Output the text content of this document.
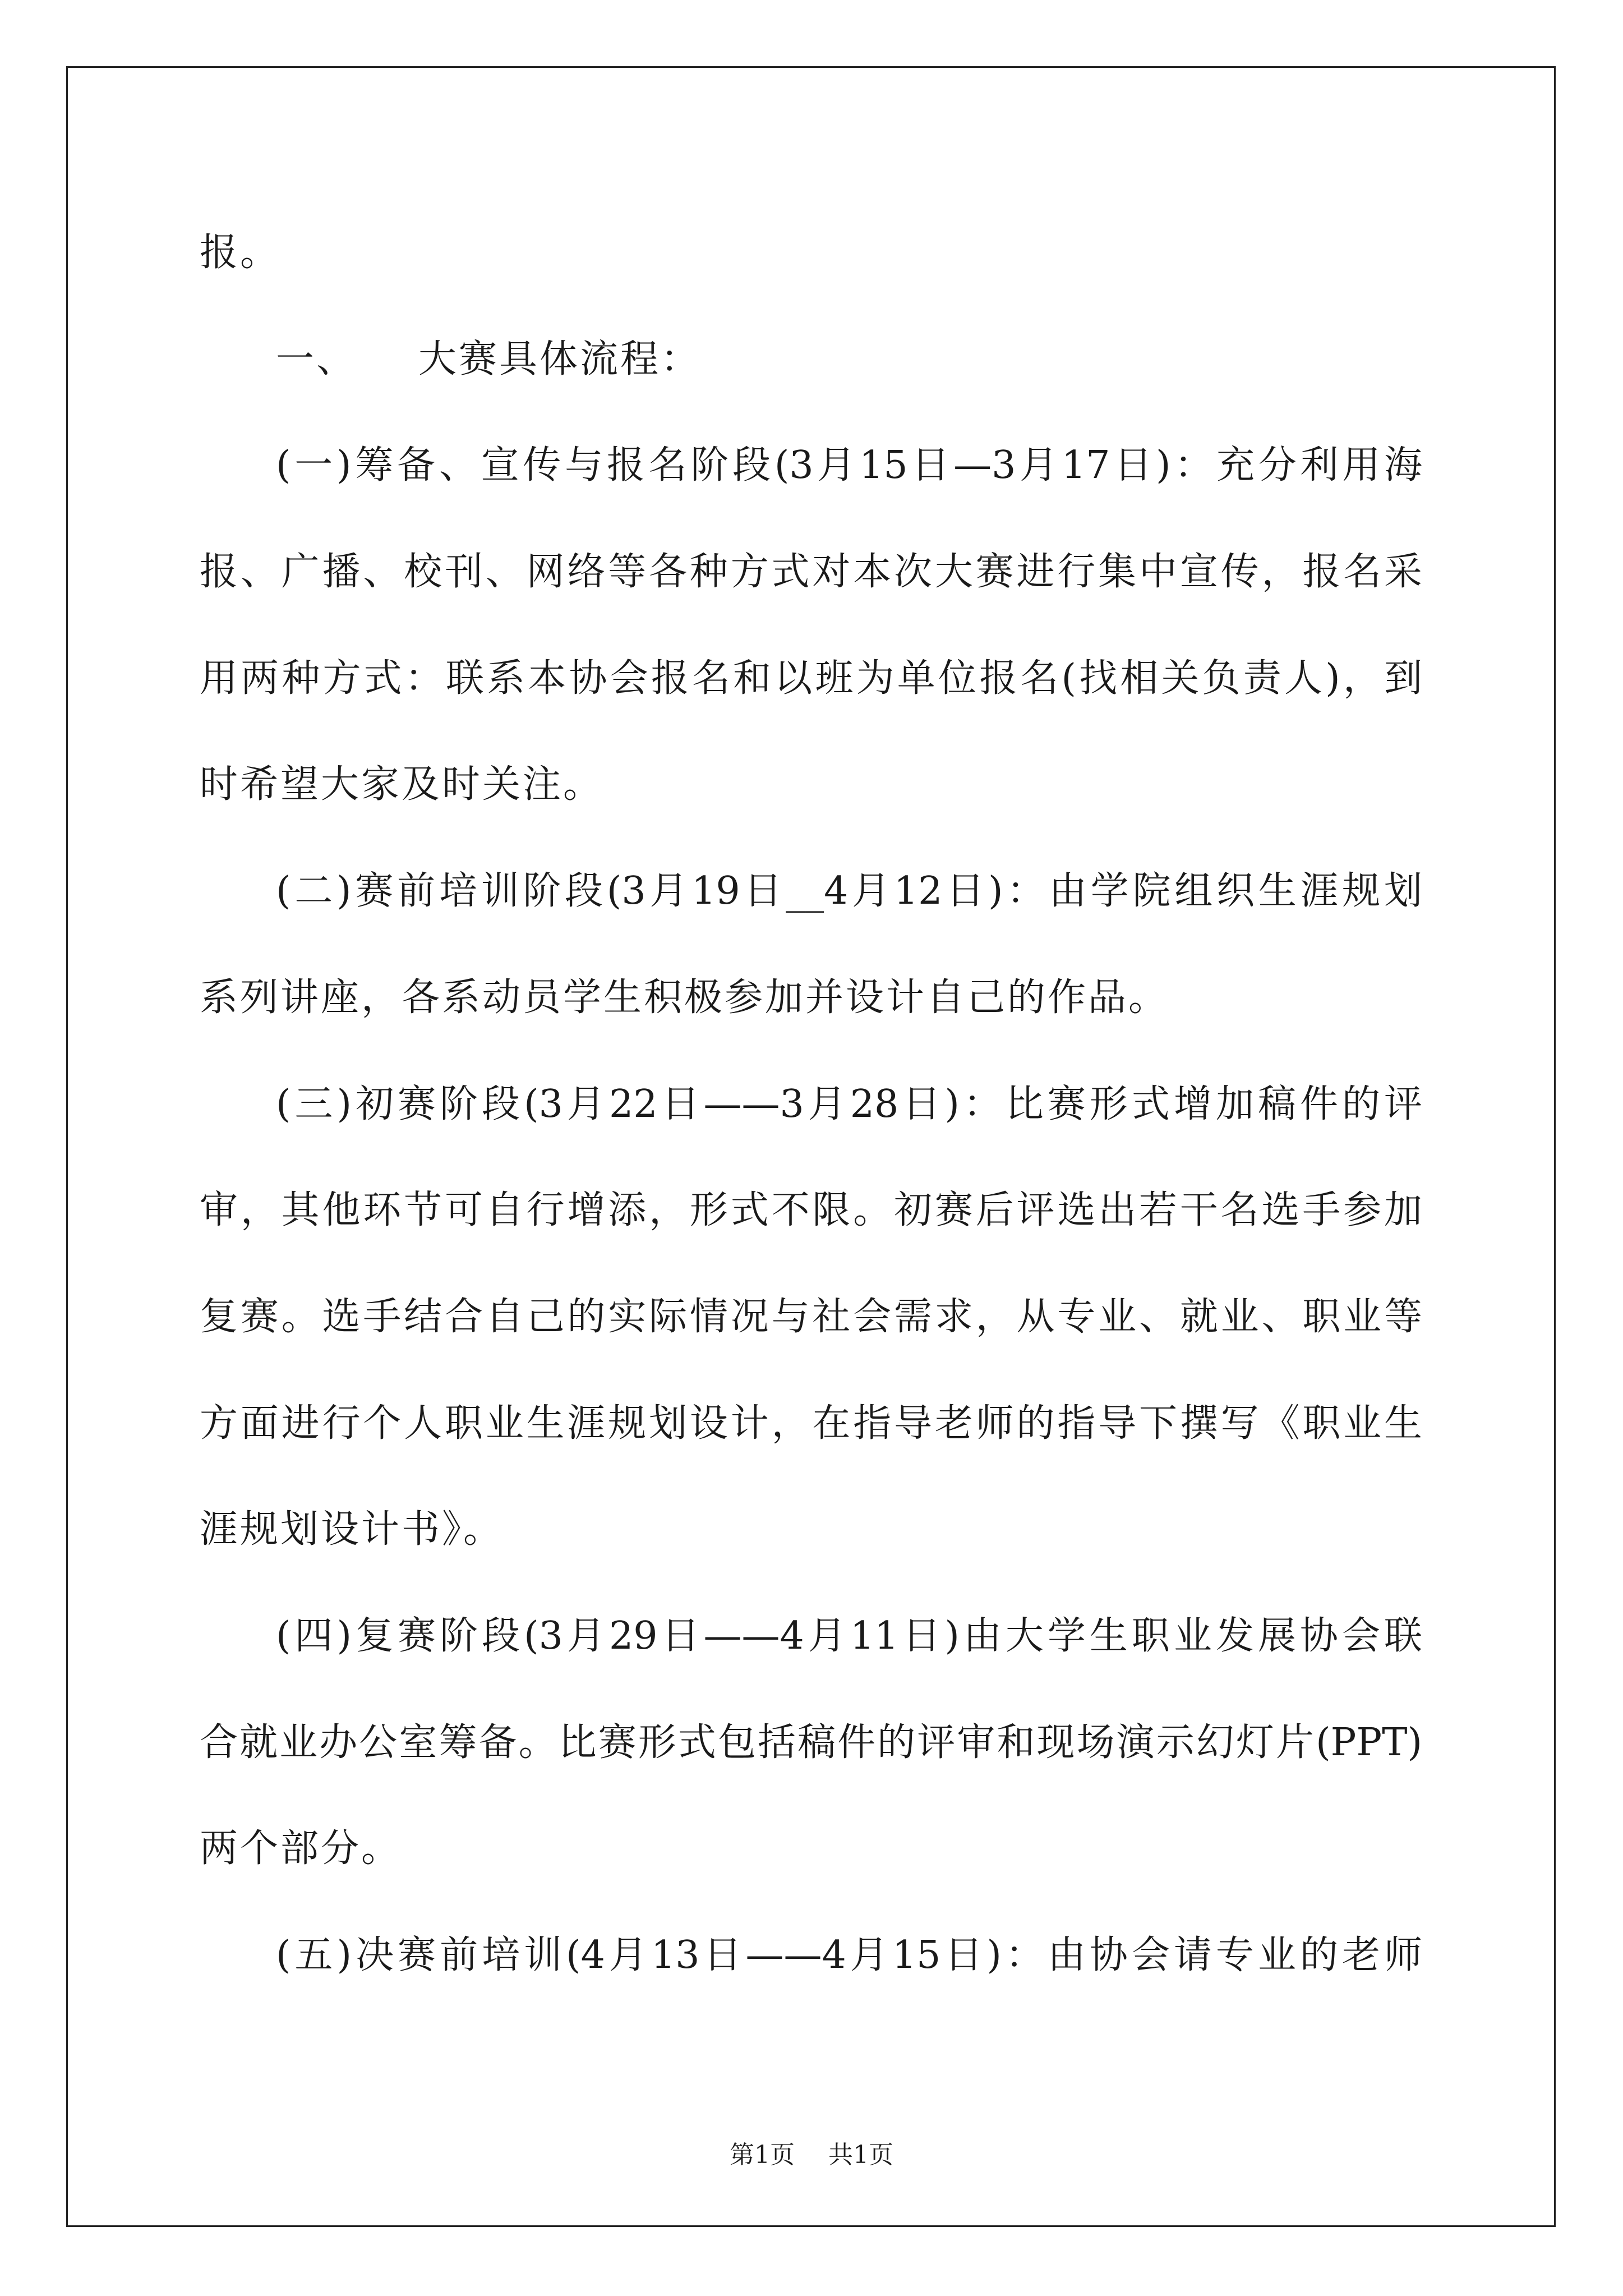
报。
一、 大赛具体流程：
(一)筹备、宣传与报名阶段(3月15日—3月17日)：充分利用海
报、广播、校刊、网络等各种方式对本次大赛进行集中宣传，报名采
用两种方式：联系本协会报名和以班为单位报名(找相关负责人)，到
时希望大家及时关注。
(二)赛前培训阶段(3月19日__4月12日)：由学院组织生涯规划
系列讲座，各系动员学生积极参加并设计自己的作品。
(三)初赛阶段(3月22日——3月28日)：比赛形式增加稿件的评
审，其他环节可自行增添，形式不限。初赛后评选出若干名选手参加
复赛。选手结合自己的实际情况与社会需求，从专业、就业、职业等
方面进行个人职业生涯规划设计，在指导老师的指导下撰写《职业生
涯规划设计书》。
(四)复赛阶段(3月29日——4月11日)由大学生职业发展协会联
合就业办公室筹备。比赛形式包括稿件的评审和现场演示幻灯片(PPT)
两个部分。
(五)决赛前培训(4月13日——4月15日)：由协会请专业的老师
第1页 共1页
